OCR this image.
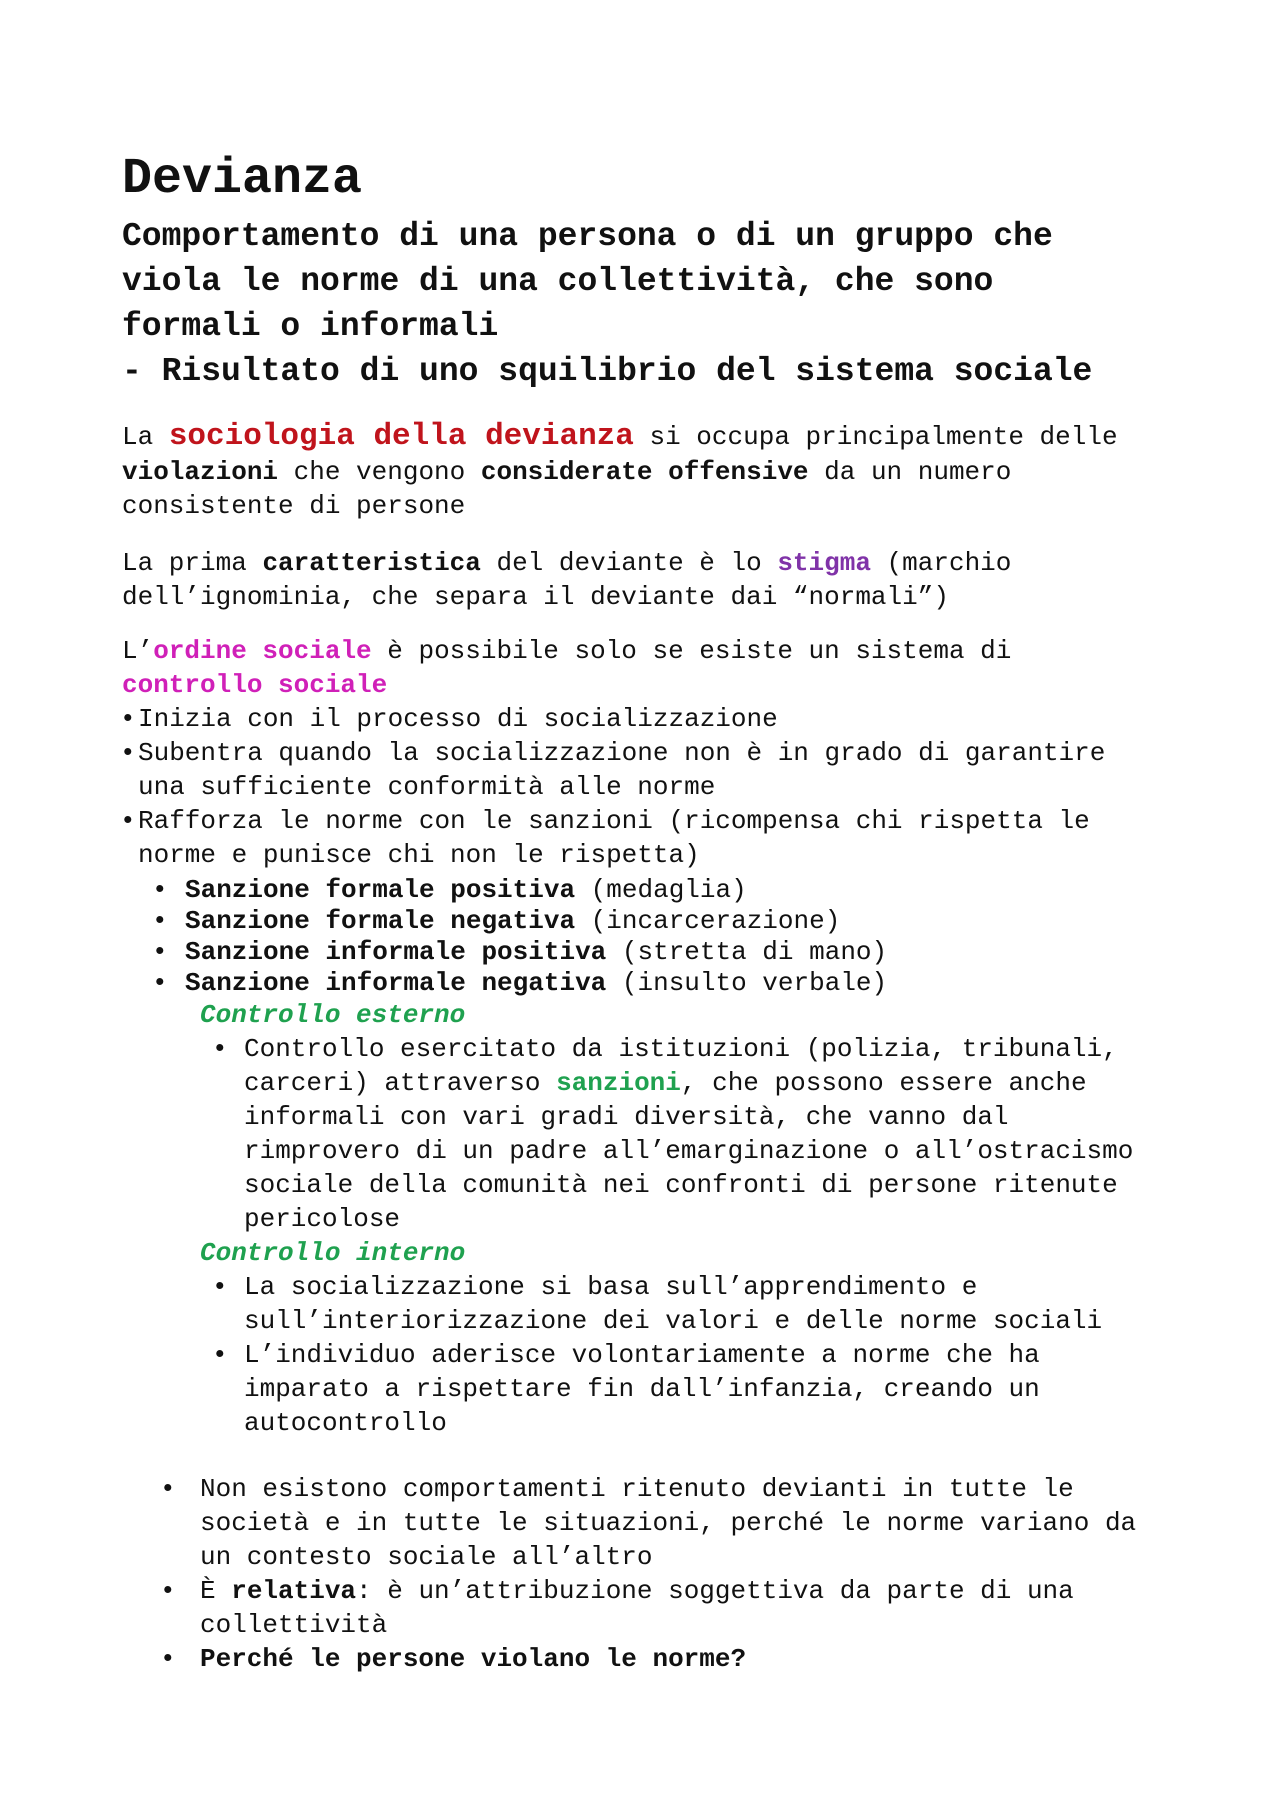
Devianza
Comportamento di una persona o di un gruppo che
viola le norme di una collettività, che sono
formali o informali
- Risultato di uno squilibrio del sistema sociale
La sociologia della devianza si occupa principalmente delle
violazioni che vengono considerate offensive da un numero
consistente di persone
La prima caratteristica del deviante è lo stigma (marchio
dell’ignominia, che separa il deviante dai “normali”)
L’ordine sociale è possibile solo se esiste un sistema di
controllo sociale
• Inizia con il processo di socializzazione
• Subentra quando la socializzazione non è in grado di garantire
una sufficiente conformità alle norme
• Rafforza le norme con le sanzioni (ricompensa chi rispetta le
norme e punisce chi non le rispetta)
• Sanzione formale positiva (medaglia)
• Sanzione formale negativa (incarcerazione)
• Sanzione informale positiva (stretta di mano)
• Sanzione informale negativa (insulto verbale)
Controllo esterno
• Controllo esercitato da istituzioni (polizia, tribunali,
carceri) attraverso sanzioni, che possono essere anche
informali con vari gradi diversità, che vanno dal
rimprovero di un padre all’emarginazione o all’ostracismo
sociale della comunità nei confronti di persone ritenute
pericolose
Controllo interno
• La socializzazione si basa sull’apprendimento e
sull’interiorizzazione dei valori e delle norme sociali
• L’individuo aderisce volontariamente a norme che ha
imparato a rispettare fin dall’infanzia, creando un
autocontrollo
• Non esistono comportamenti ritenuto devianti in tutte le
società e in tutte le situazioni, perché le norme variano da
un contesto sociale all’altro
• È relativa: è un’attribuzione soggettiva da parte di una
collettività
• Perché le persone violano le norme?
